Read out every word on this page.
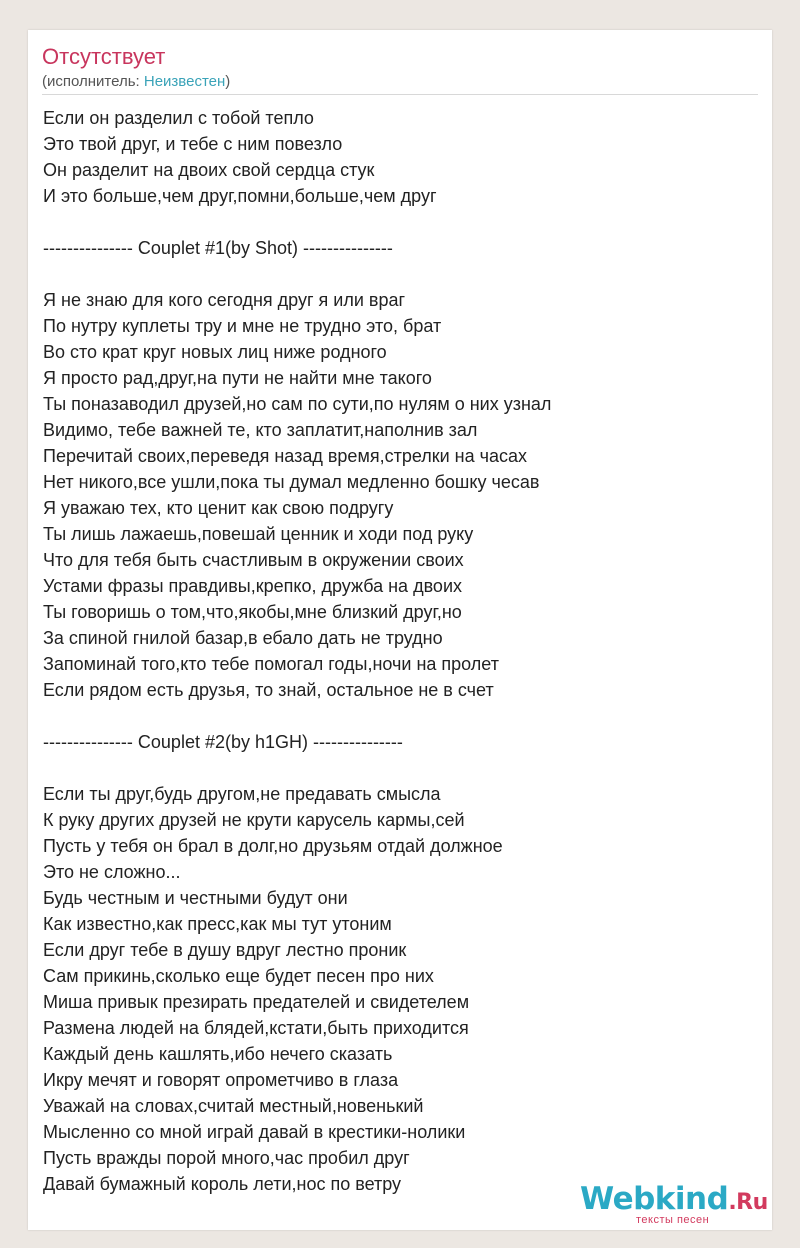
Отсутствует
(исполнитель: Неизвестен)
Если он разделил с тобой тепло
Это твой друг, и тебе с ним повезло
Он разделит на двоих свой сердца стук
И это больше,чем друг,помни,больше,чем друг
--------------- Couplet #1(by Shot) ---------------
Я не знаю для кого сегодня друг я или враг
По нутру куплеты тру и мне не трудно это, брат
Во сто крат круг новых лиц ниже родного
Я просто рад,друг,на пути не найти мне такого
Ты поназаводил друзей,но сам по сути,по нулям о них узнал
Видимо, тебе важней те, кто заплатит,наполнив зал
Перечитай своих,переведя назад время,стрелки на часах
Нет никого,все ушли,пока ты думал медленно бошку чесав
Я уважаю тех, кто ценит как свою подругу
Ты лишь лажаешь,повешай ценник и ходи под руку
Что для тебя быть счастливым в окружении своих
Устами фразы правдивы,крепко, дружба на двоих
Ты говоришь о том,что,якобы,мне близкий друг,но
За спиной гнилой базар,в ебало дать не трудно
Запоминай того,кто тебе помогал годы,ночи на пролет
Если рядом есть друзья, то знай, остальное не в счет
--------------- Couplet #2(by h1GH) ---------------
Если ты друг,будь другом,не предавать смысла
К руку других друзей не крути карусель кармы,сей
Пусть у тебя он брал в долг,но друзьям отдай должное
Это не сложно...
Будь честным и честными будут они
Как известно,как пресс,как мы тут утоним
Если друг тебе в душу вдруг лестно проник
Сам прикинь,сколько еще будет песен про них
Миша привык презирать предателей и свидетелем
Размена людей на блядей,кстати,быть приходится
Каждый день кашлять,ибо нечего сказать
Икру мечят и говорят опрометчиво в глаза
Уважай на словах,считай местный,новенький
Мысленно со мной играй давай в крестики-нолики
Пусть вражды порой много,час пробил друг
Давай бумажный король лети,нос по ветру	Webkind.Ru
тексты песен
